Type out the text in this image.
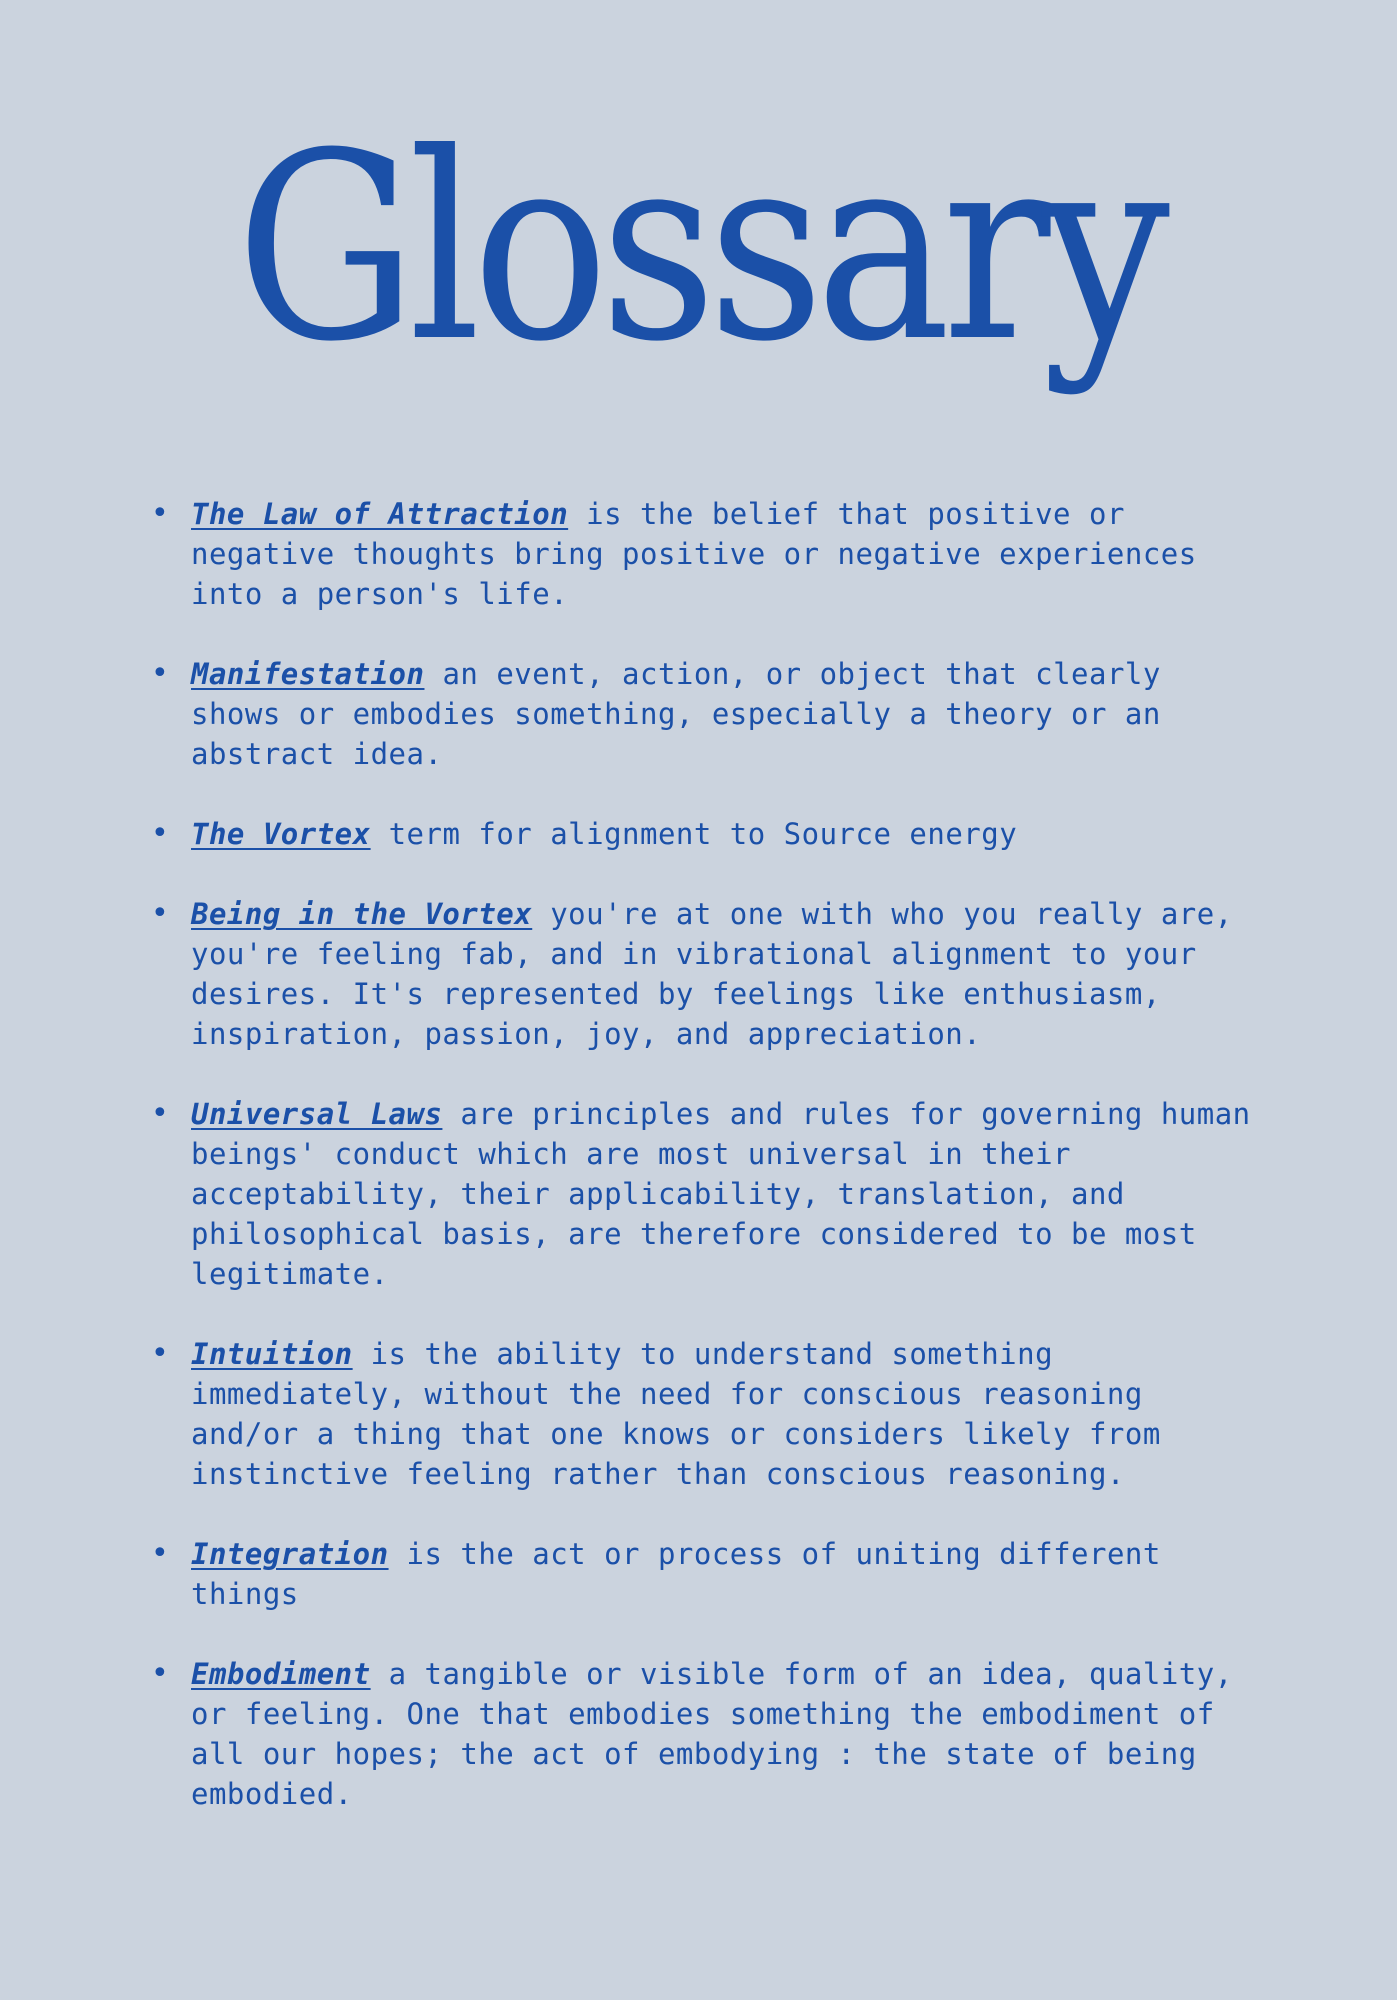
Glossary
• The Law of Attraction is the belief that positive or negative thoughts bring positive or negative experiences into a person's life.
• Manifestation an event, action, or object that clearly shows or embodies something, especially a theory or an abstract idea.
• The Vortex term for alignment to Source energy
• Being in the Vortex you're at one with who you really are, you're feeling fab, and in vibrational alignment to your desires. It's represented by feelings like enthusiasm, inspiration, passion, joy, and appreciation.
• Universal Laws are principles and rules for governing human beings' conduct which are most universal in their acceptability, their applicability, translation, and philosophical basis, are therefore considered to be most legitimate.
• Intuition is the ability to understand something immediately, without the need for conscious reasoning and/or a thing that one knows or considers likely from instinctive feeling rather than conscious reasoning.
• Integration is the act or process of uniting different things
• Embodiment a tangible or visible form of an idea, quality, or feeling. One that embodies something the embodiment of all our hopes; the act of embodying : the state of being embodied.
